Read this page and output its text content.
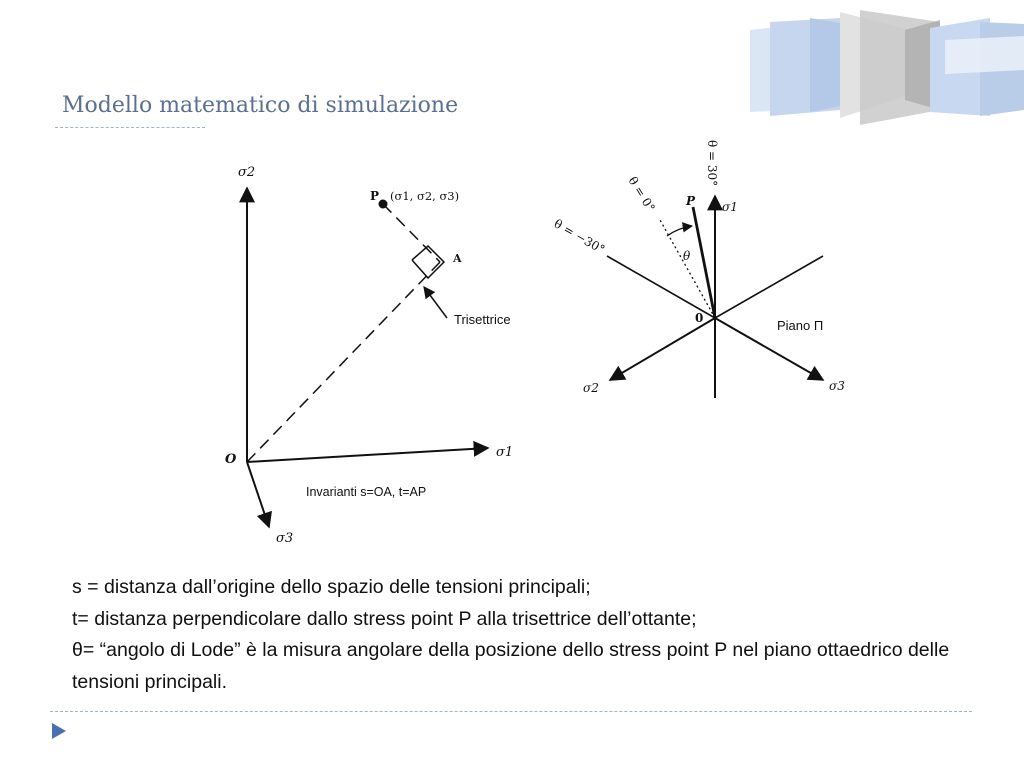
Modello matematico di simulazione
σ2
σ1
σ3
O
P (σ1, σ2, σ3)
A
Trisettrice
Invarianti s=OA, t=AP
θ = 30°
θ = 0°
θ = −30°
P
θ
σ1
σ2	σ3
0	Piano Π

s = distanza dall’origine dello spazio delle tensioni principali;

t= distanza perpendicolare dallo stress point P alla trisettrice dell’ottante;

θ= “angolo di Lode” è la misura angolare della posizione dello stress point P nel piano ottaedrico delle tensioni principali.
